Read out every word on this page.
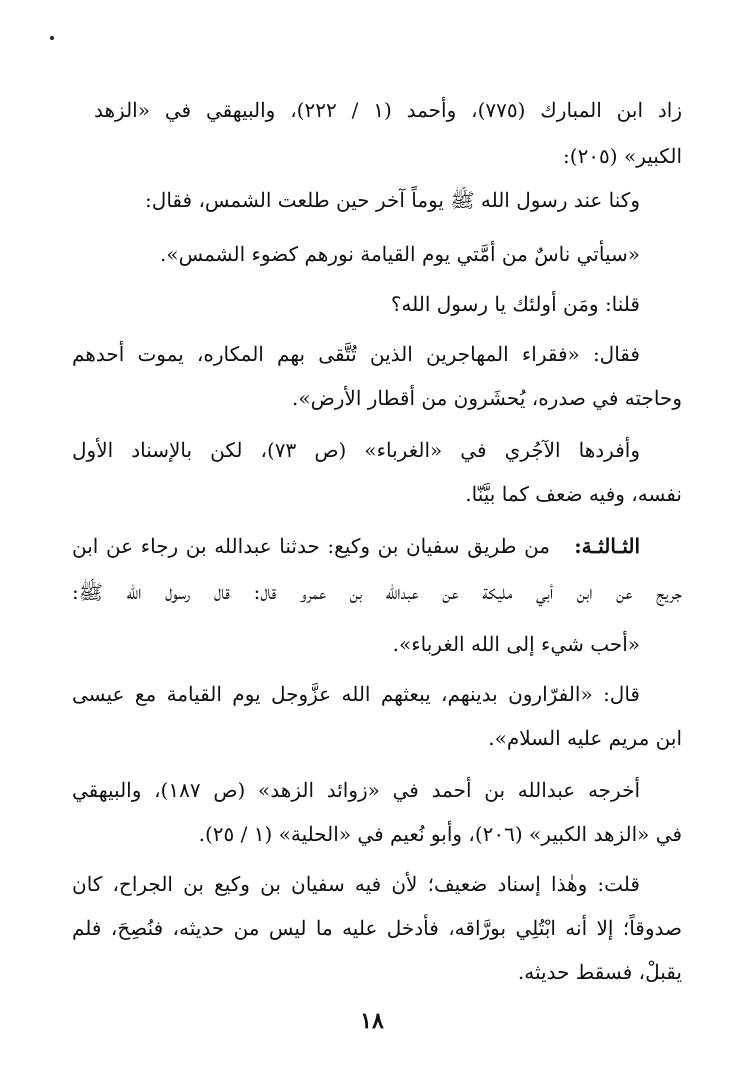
زاد ابن المبارك (٧٧٥)، وأحمد (١ / ٢٢٢)، والبيهقي في «الزهد
الكبير» (٢٠٥):
وكنا عند رسول الله ﷺ يوماً آخر حين طلعت الشمس، فقال:
«سيأتي ناسٌ من أمَّتي يوم القيامة نورهم كضوء الشمس».
قلنا: ومَن أولئك يا رسول الله؟
فقال: «فقراء المهاجرين الذين تُتَّقى بهم المكاره، يموت أحدهم
وحاجته في صدره، يُحشَرون من أقطار الأرض».
وأفردها الآجُري في «الغرباء» (ص ٧٣)، لكن بالإسناد الأول
نفسه، وفيه ضعف كما بيَّنّا.
الثـالثـة:
من طريق سفيان بن وكيع: حدثنا عبدالله بن رجاء عن ابن
جريج عن ابن أبي مليكة عن عبدالله بن عمرو قال: قال رسول الله ﷺ:
«أحب شيء إلى الله الغرباء».
قال: «الفرّارون بدينهم، يبعثهم الله عزَّوجل يوم القيامة مع عيسى
ابن مريم عليه السلام».
أخرجه عبدالله بن أحمد في «زوائد الزهد» (ص ١٨٧)، والبيهقي
في «الزهد الكبير» (٢٠٦)، وأبو نُعيم في «الحلية» (١ / ٢٥).
قلت: وهٰذا إسناد ضعيف؛ لأن فيه سفيان بن وكيع بن الجراح، كان
صدوقاً؛ إلا أنه ابْتُلِي بورَّاقه، فأدخل عليه ما ليس من حديثه، فنُصِحَ، فلم
يقبلْ، فسقط حديثه.
١٨
